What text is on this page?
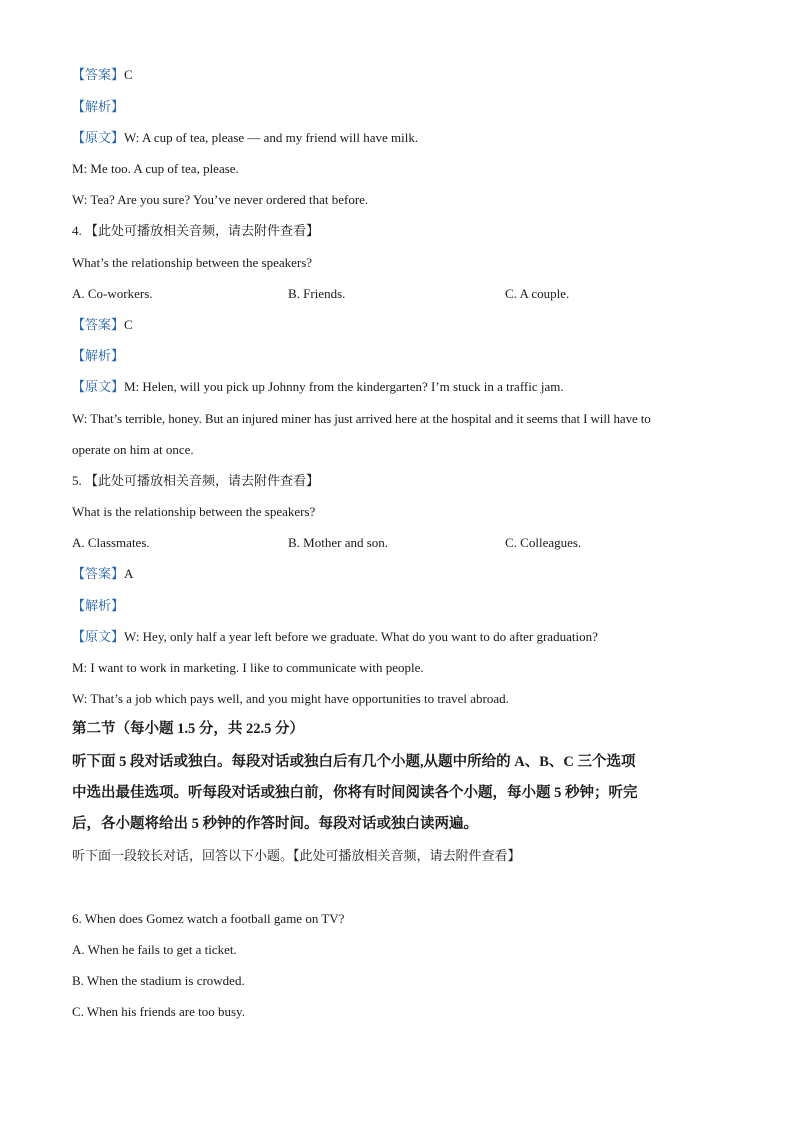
【答案】C
【解析】
【原文】W: A cup of tea, please — and my friend will have milk.
M: Me too. A cup of tea, please.
W: Tea? Are you sure? You’ve never ordered that before.
4. 【此处可播放相关音频，请去附件查看】
What’s the relationship between the speakers?
A. Co-workers.	B. Friends.	C. A couple.
【答案】C
【解析】
【原文】M: Helen, will you pick up Johnny from the kindergarten? I’m stuck in a traffic jam.
W: That’s terrible, honey. But an injured miner has just arrived here at the hospital and it seems that I will have to
operate on him at once.
5. 【此处可播放相关音频，请去附件查看】
What is the relationship between the speakers?
A. Classmates.	B. Mother and son.	C. Colleagues.
【答案】A
【解析】
【原文】W: Hey, only half a year left before we graduate. What do you want to do after graduation?
M: I want to work in marketing. I like to communicate with people.
W: That’s a job which pays well, and you might have opportunities to travel abroad.
第二节（每小题 1.5 分，共 22.5 分）
听下面 5 段对话或独白。每段对话或独白后有几个小题,从题中所给的 A、B、C 三个选项
中选出最佳选项。听每段对话或独白前，你将有时间阅读各个小题，每小题 5 秒钟；听完
后，各小题将给出 5 秒钟的作答时间。每段对话或独白读两遍。
听下面一段较长对话，回答以下小题。【此处可播放相关音频，请去附件查看】
6. When does Gomez watch a football game on TV?
A. When he fails to get a ticket.
B. When the stadium is crowded.
C. When his friends are too busy.
